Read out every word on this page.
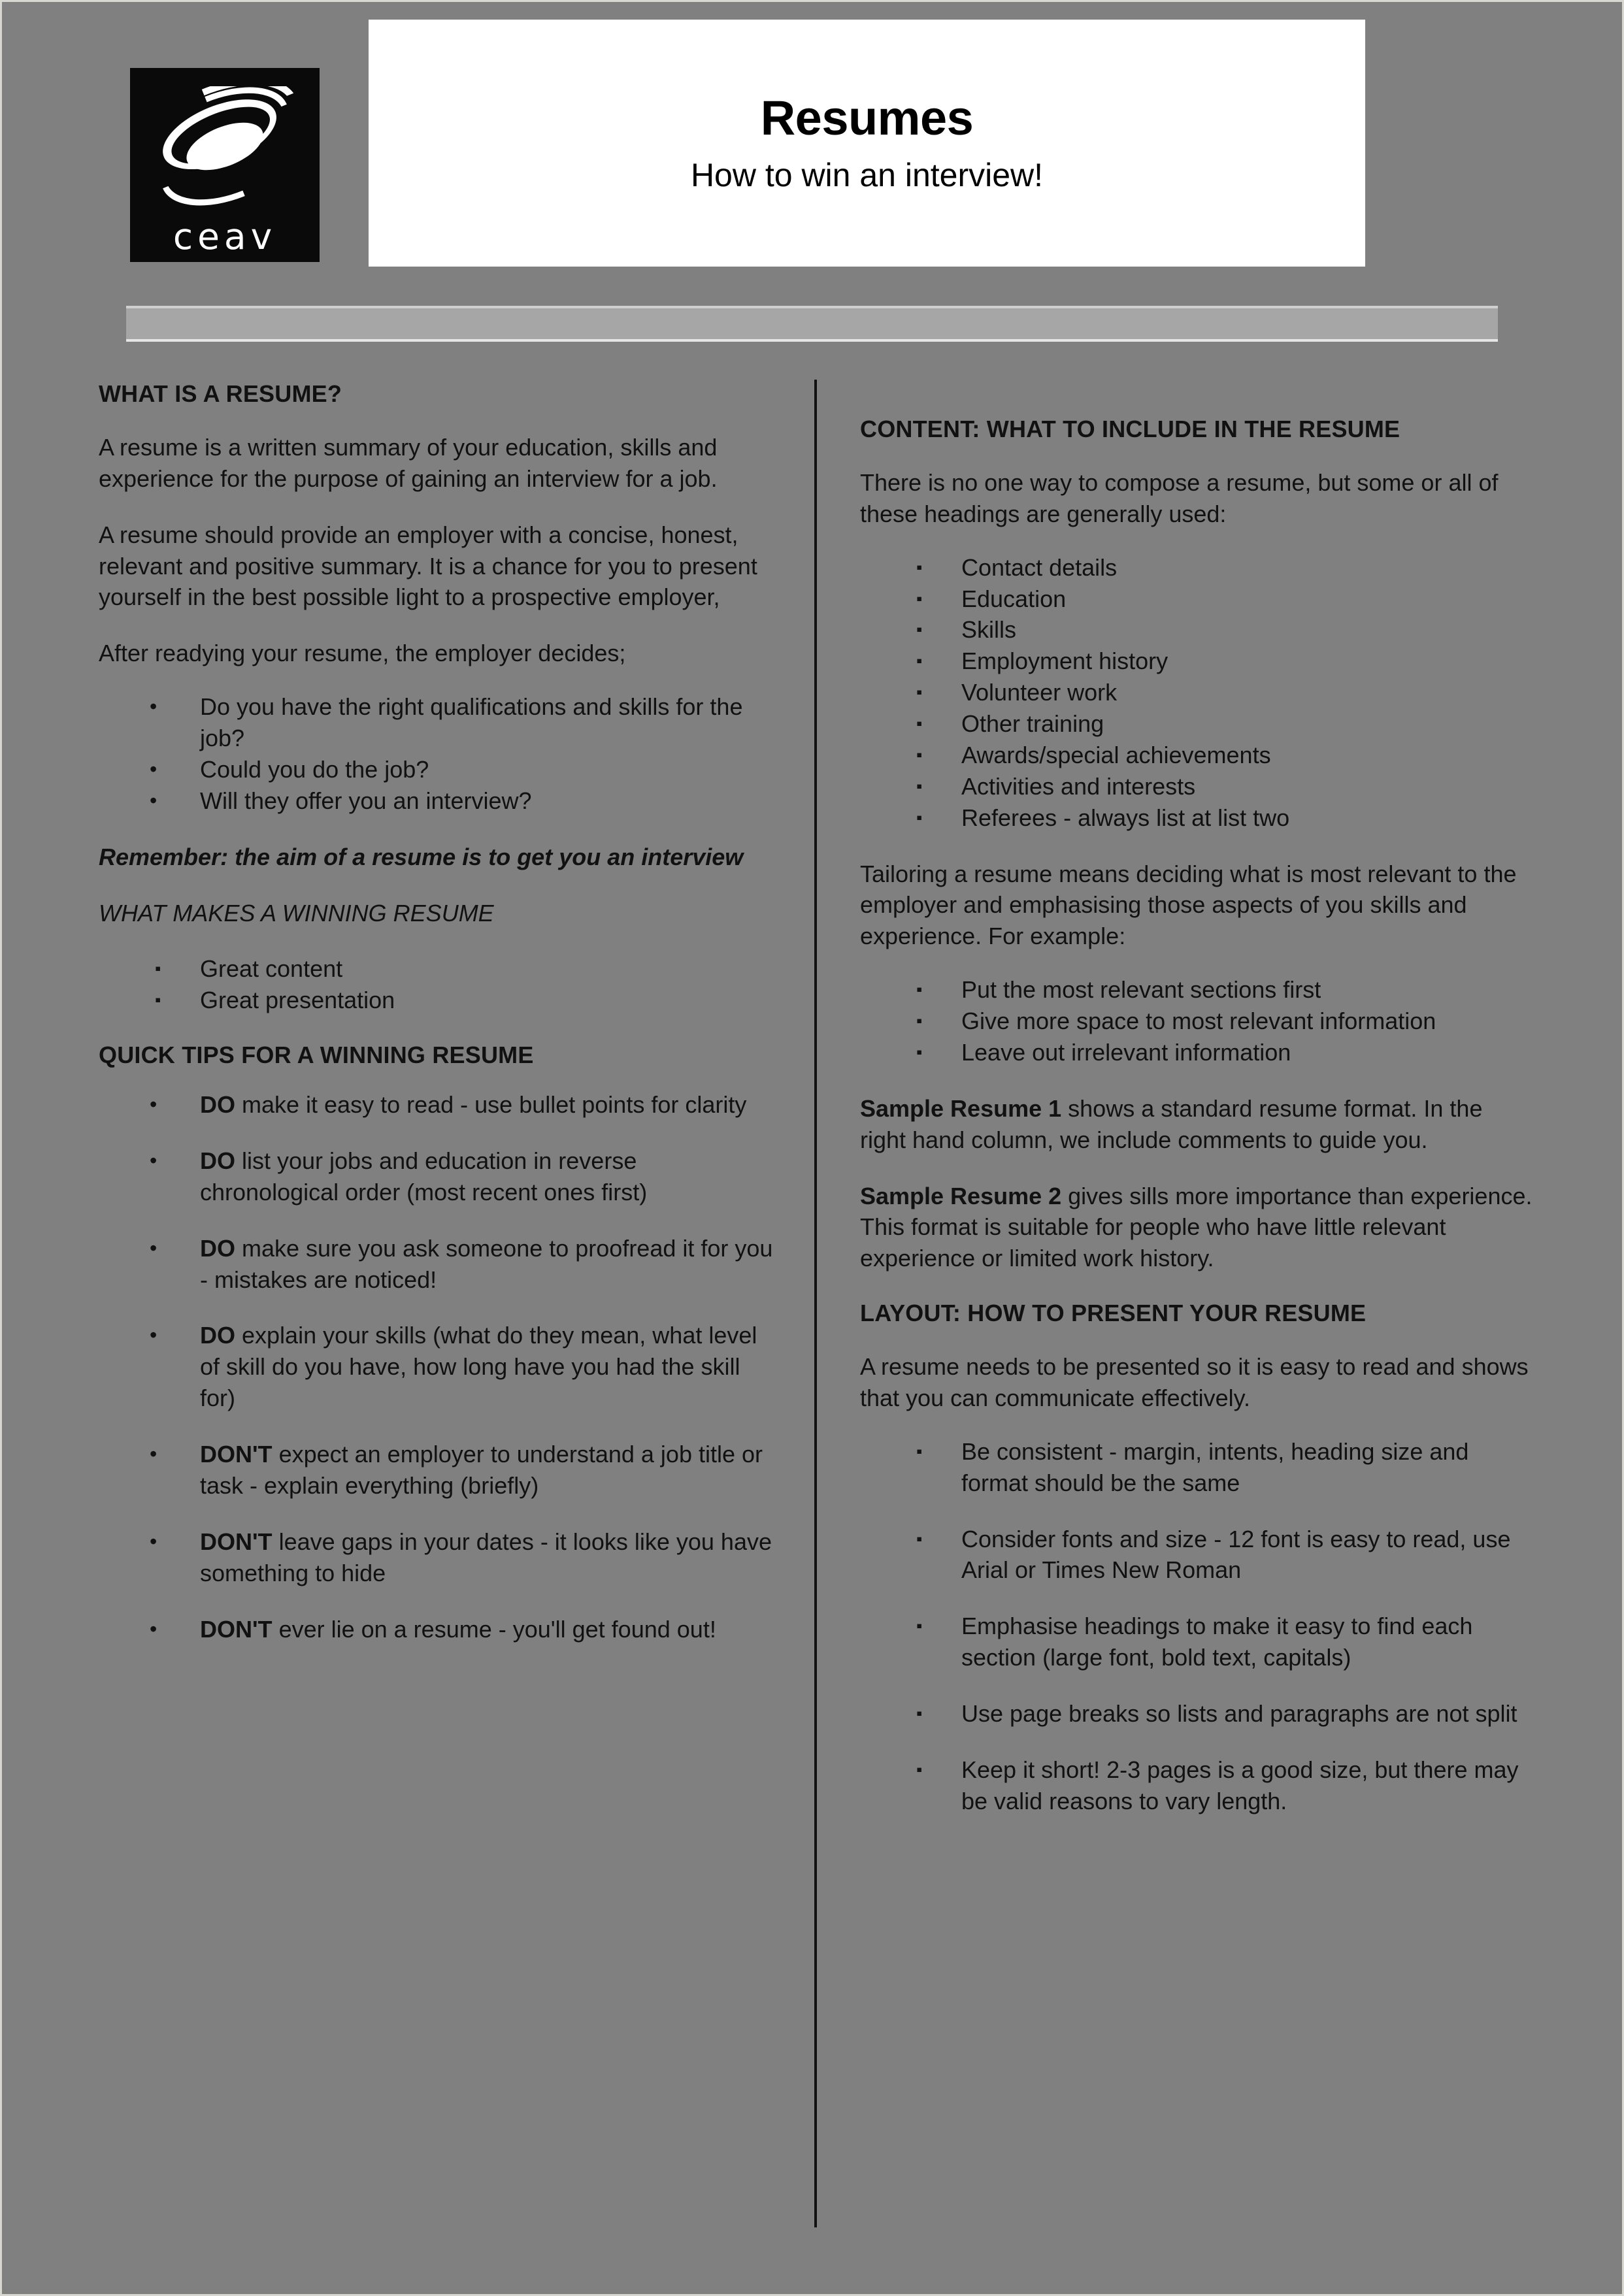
ceav
Resumes
How to win an interview!
WHAT IS A RESUME?

A resume is a written summary of your education, skills and experience for the purpose of gaining an interview for a job.

A resume should provide an employer with a concise, honest, relevant and positive summary. It is a chance for you to present yourself in the best possible light to a prospective employer,

After readying your resume, the employer decides;

• Do you have the right qualifications and skills for the job?
• Could you do the job?
• Will they offer you an interview?

Remember: the aim of a resume is to get you an interview

WHAT MAKES A WINNING RESUME

▪ Great content
▪ Great presentation
QUICK TIPS FOR A WINNING RESUME
• DO make it easy to read - use bullet points for clarity
• DO list your jobs and education in reverse chronological order (most recent ones first)
• DO make sure you ask someone to proofread it for you - mistakes are noticed!
• DO explain your skills (what do they mean, what level of skill do you have, how long have you had the skill for)
• DON'T expect an employer to understand a job title or task - explain everything (briefly)
• DON'T leave gaps in your dates - it looks like you have something to hide
• DON'T ever lie on a resume - you'll get found out!
CONTENT: WHAT TO INCLUDE IN THE RESUME

There is no one way to compose a resume, but some or all of these headings are generally used:

▪ Contact details
▪ Education
▪ Skills
▪ Employment history
▪ Volunteer work
▪ Other training
▪ Awards/special achievements
▪ Activities and interests
▪ Referees - always list at list two

Tailoring a resume means deciding what is most relevant to the employer and emphasising those aspects of you skills and experience. For example:

▪ Put the most relevant sections first
▪ Give more space to most relevant information
▪ Leave out irrelevant information

Sample Resume 1 shows a standard resume format. In the right hand column, we include comments to guide you.

Sample Resume 2 gives sills more importance than experience. This format is suitable for people who have little relevant experience or limited work history.

LAYOUT: HOW TO PRESENT YOUR RESUME

A resume needs to be presented so it is easy to read and shows that you can communicate effectively.

▪ Be consistent - margin, intents, heading size and format should be the same
▪ Consider fonts and size - 12 font is easy to read, use Arial or Times New Roman
▪ Emphasise headings to make it easy to find each section (large font, bold text, capitals)
▪ Use page breaks so lists and paragraphs are not split
▪ Keep it short! 2-3 pages is a good size, but there may be valid reasons to vary length.
